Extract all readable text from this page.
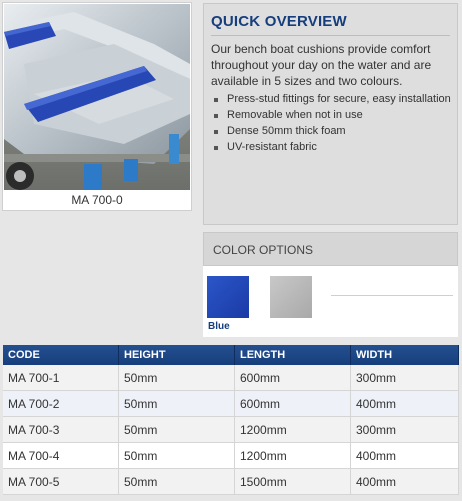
MA 700-0
QUICK OVERVIEW
Our bench boat cushions provide comfort throughout your day on the water and are available in 5 sizes and two colours.
Press-stud fittings for secure, easy installation
Removable when not in use
Dense 50mm thick foam
UV-resistant fabric
COLOR OPTIONS
Blue
CODE	HEIGHT	LENGTH	WIDTH
MA 700-1	50mm	600mm	300mm
MA 700-2	50mm	600mm	400mm
MA 700-3	50mm	1200mm	300mm
MA 700-4	50mm	1200mm	400mm
MA 700-5	50mm	1500mm	400mm
